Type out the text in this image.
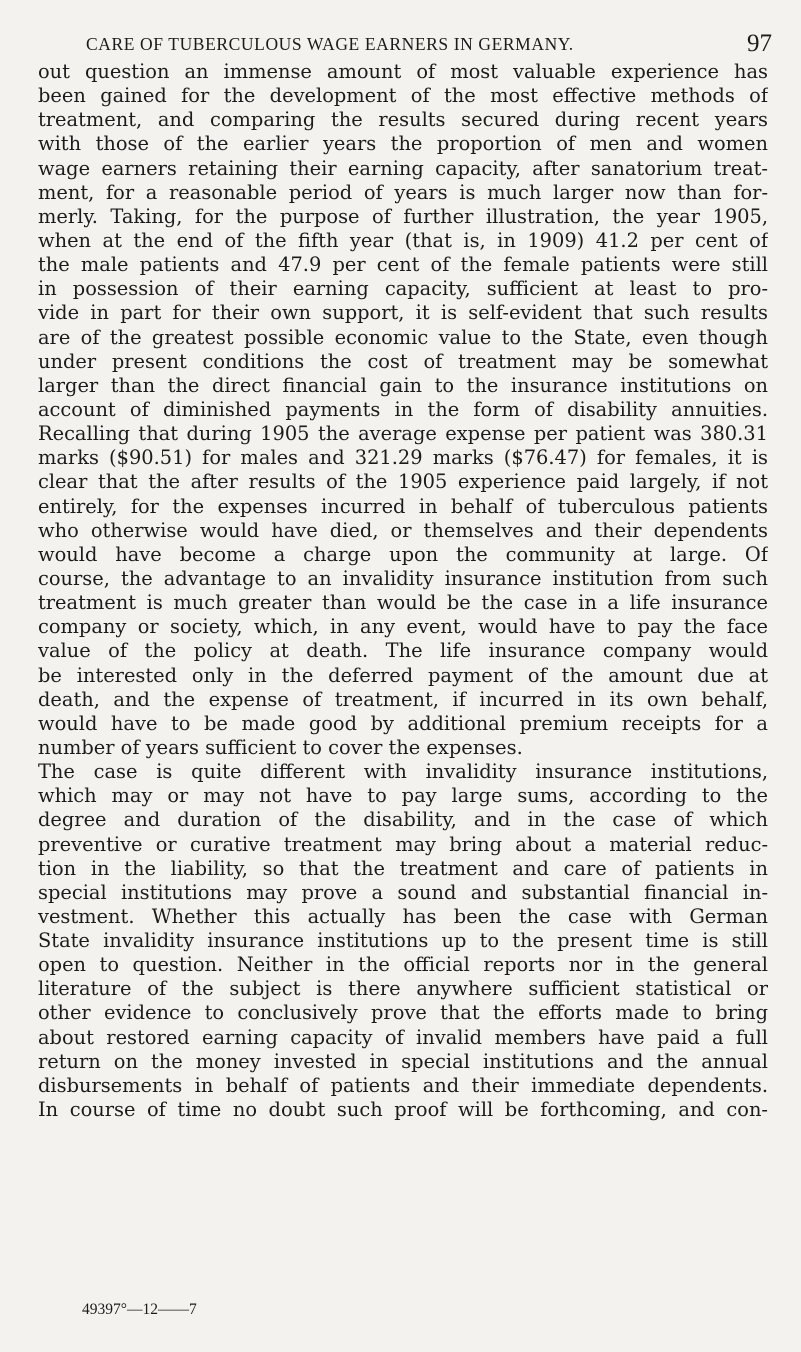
CARE OF TUBERCULOUS WAGE EARNERS IN GERMANY.	97
out question an immense amount of most valuable experience has
been gained for the development of the most effective methods of
treatment, and comparing the results secured during recent years
with those of the earlier years the proportion of men and women
wage earners retaining their earning capacity, after sanatorium treat-
ment, for a reasonable period of years is much larger now than for-
merly. Taking, for the purpose of further illustration, the year 1905,
when at the end of the fifth year (that is, in 1909) 41.2 per cent of
the male patients and 47.9 per cent of the female patients were still
in possession of their earning capacity, sufficient at least to pro-
vide in part for their own support, it is self-evident that such results
are of the greatest possible economic value to the State, even though
under present conditions the cost of treatment may be somewhat
larger than the direct financial gain to the insurance institutions on
account of diminished payments in the form of disability annuities.
Recalling that during 1905 the average expense per patient was 380.31
marks ($90.51) for males and 321.29 marks ($76.47) for females, it is
clear that the after results of the 1905 experience paid largely, if not
entirely, for the expenses incurred in behalf of tuberculous patients
who otherwise would have died, or themselves and their dependents
would have become a charge upon the community at large. Of
course, the advantage to an invalidity insurance institution from such
treatment is much greater than would be the case in a life insurance
company or society, which, in any event, would have to pay the face
value of the policy at death. The life insurance company would
be interested only in the deferred payment of the amount due at
death, and the expense of treatment, if incurred in its own behalf,
would have to be made good by additional premium receipts for a
number of years sufficient to cover the expenses.
The case is quite different with invalidity insurance institutions,
which may or may not have to pay large sums, according to the
degree and duration of the disability, and in the case of which
preventive or curative treatment may bring about a material reduc-
tion in the liability, so that the treatment and care of patients in
special institutions may prove a sound and substantial financial in-
vestment. Whether this actually has been the case with German
State invalidity insurance institutions up to the present time is still
open to question. Neither in the official reports nor in the general
literature of the subject is there anywhere sufficient statistical or
other evidence to conclusively prove that the efforts made to bring
about restored earning capacity of invalid members have paid a full
return on the money invested in special institutions and the annual
disbursements in behalf of patients and their immediate dependents.
In course of time no doubt such proof will be forthcoming, and con-
49397°—12——7
